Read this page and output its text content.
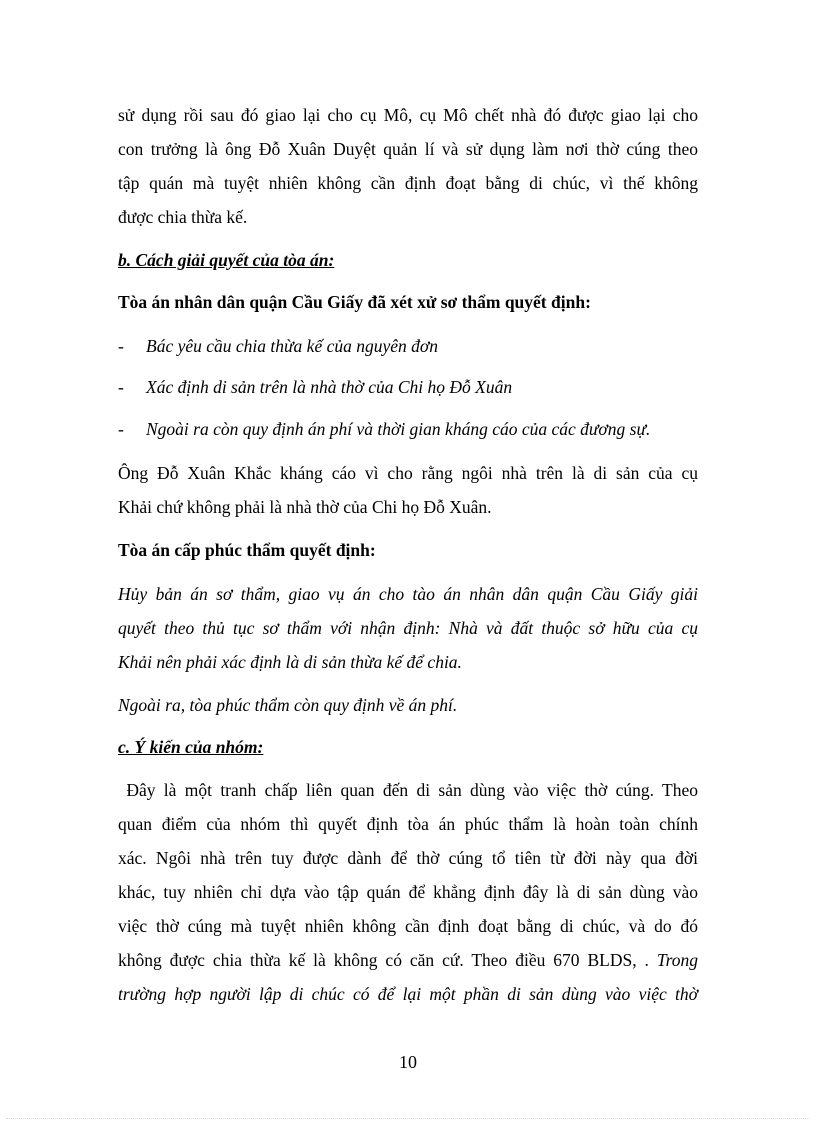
sử dụng rồi sau đó giao lại cho cụ Mô, cụ Mô chết nhà đó được giao lại cho

con trưởng là ông Đỗ Xuân Duyệt quản lí và sử dụng làm nơi thờ cúng theo

tập quán mà tuyệt nhiên không cần định đoạt bằng di chúc, vì thế không

được chia thừa kế.

b. Cách giải quyết của tòa án:

Tòa án nhân dân quận Cầu Giấy đã xét xử sơ thẩm quyết định:

- Bác yêu cầu chia thừa kế của nguyên đơn
- Xác định di sản trên là nhà thờ của Chi họ Đỗ Xuân
- Ngoài ra còn quy định án phí và thời gian kháng cáo của các đương sự.

Ông Đỗ Xuân Khắc kháng cáo vì cho rằng ngôi nhà trên là di sản của cụ

Khải chứ không phải là nhà thờ của Chi họ Đỗ Xuân.

Tòa án cấp phúc thẩm quyết định:

Hủy bản án sơ thẩm, giao vụ án cho tào án nhân dân quận Cầu Giấy giải

quyết theo thủ tục sơ thẩm với nhận định: Nhà và đất thuộc sở hữu của cụ

Khải nên phải xác định là di sản thừa kế để chia.

Ngoài ra, tòa phúc thẩm còn quy định về án phí.

c. Ý kiến của nhóm:

Đây là một tranh chấp liên quan đến di sản dùng vào việc thờ cúng. Theo

quan điểm của nhóm thì quyết định tòa án phúc thẩm là hoàn toàn chính

xác. Ngôi nhà trên tuy được dành để thờ cúng tổ tiên từ đời này qua đời

khác, tuy nhiên chỉ dựa vào tập quán để khẳng định đây là di sản dùng vào

việc thờ cúng mà tuyệt nhiên không cần định đoạt bằng di chúc, và do đó

không được chia thừa kế là không có căn cứ. Theo điều 670 BLDS, . Trong

trường hợp người lập di chúc có để lại một phần di sản dùng vào việc thờ

10
